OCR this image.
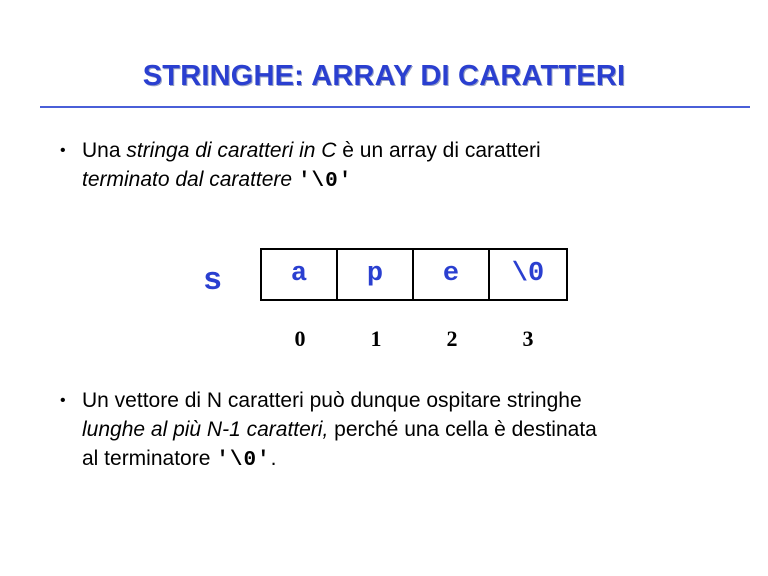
STRINGHE: ARRAY DI CARATTERI
• Una stringa di caratteri in C è un array di caratteri
terminato dal carattere '\0'
s	a	p	e	\0
0	1	2	3
• Un vettore di N caratteri può dunque ospitare stringhe
lunghe al più N-1 caratteri, perché una cella è destinata
al terminatore '\0'.
